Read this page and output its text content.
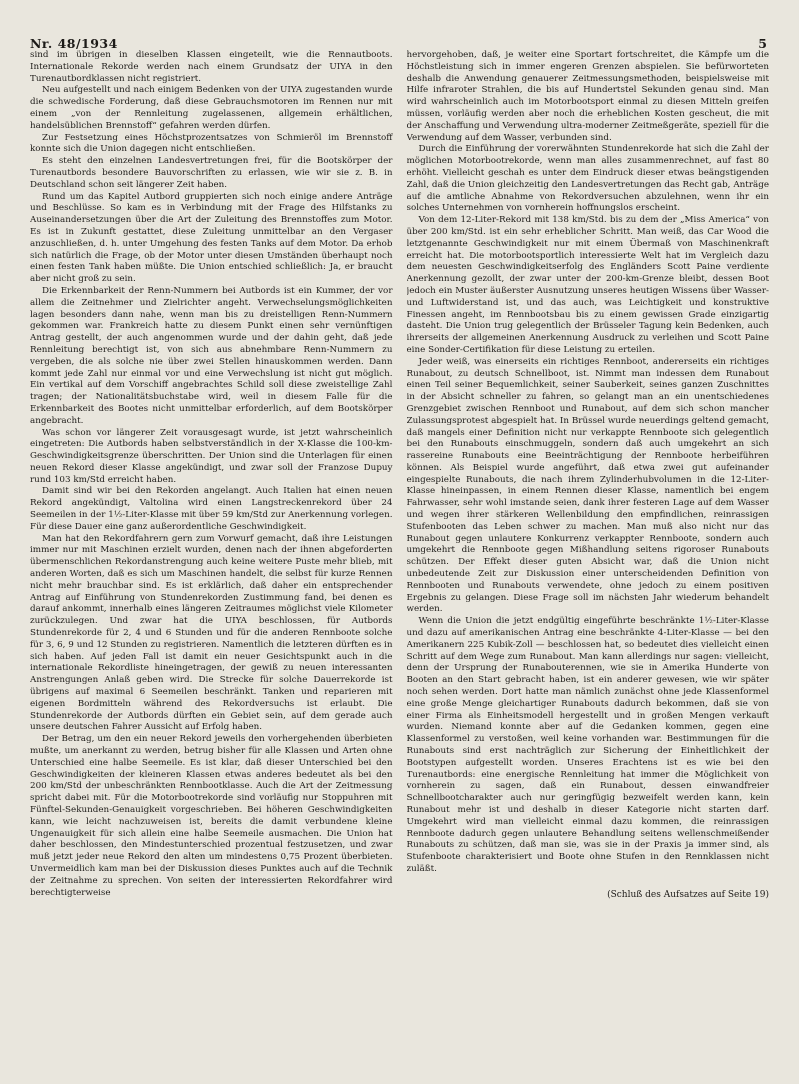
Nr. 48/1934	5

sind im übrigen in dieselben Klassen eingeteilt, wie die Rennautboots. Internationale Rekorde werden nach einem Grundsatz der UIYA in den Turenautbordklassen nicht registriert.

Neu aufgestellt und nach einigem Bedenken von der UIYA zugestanden wurde die schwedische Forderung, daß diese Gebrauchsmotoren im Rennen nur mit einem „von der Rennleitung zugelassenen, allgemein erhältlichen, handelsüblichen Brennstoff“ gefahren werden dürfen.

Zur Festsetzung eines Höchstprozentsatzes von Schmieröl im Brennstoff konnte sich die Union dagegen nicht entschließen.

Es steht den einzelnen Landesvertretungen frei, für die Bootskörper der Turenautbords besondere Bauvorschriften zu erlassen, wie wir sie z. B. in Deutschland schon seit längerer Zeit haben.

Rund um das Kapitel Autbord gruppierten sich noch einige andere Anträge und Beschlüsse. So kam es in Verbindung mit der Frage des Hilfstanks zu Auseinandersetzungen über die Art der Zuleitung des Brennstoffes zum Motor. Es ist in Zukunft gestattet, diese Zuleitung unmittelbar an den Vergaser anzuschließen, d. h. unter Umgehung des festen Tanks auf dem Motor. Da erhob sich natürlich die Frage, ob der Motor unter diesen Umständen überhaupt noch einen festen Tank haben müßte. Die Union entschied schließlich: Ja, er braucht aber nicht groß zu sein.

Die Erkennbarkeit der Renn-Nummern bei Autbords ist ein Kummer, der vor allem die Zeitnehmer und Zielrichter angeht. Verwechselungsmöglichkeiten lagen besonders dann nahe, wenn man bis zu dreistelligen Renn-Nummern gekommen war. Frankreich hatte zu diesem Punkt einen sehr vernünftigen Antrag gestellt, der auch angenommen wurde und der dahin geht, daß jede Rennleitung berechtigt ist, von sich aus abnehmbare Renn-Nummern zu vergeben, die als solche nie über zwei Stellen hinauskommen werden. Dann kommt jede Zahl nur einmal vor und eine Verwechslung ist nicht gut möglich. Ein vertikal auf dem Vorschiff angebrachtes Schild soll diese zweistellige Zahl tragen; der Nationalitätsbuchstabe wird, weil in diesem Falle für die Erkennbarkeit des Bootes nicht unmittelbar erforderlich, auf dem Bootskörper angebracht.

Was schon vor längerer Zeit vorausgesagt wurde, ist jetzt wahrscheinlich eingetreten: Die Autbords haben selbstverständlich in der X-Klasse die 100-km-Geschwindigkeitsgrenze überschritten. Der Union sind die Unterlagen für einen neuen Rekord dieser Klasse angekündigt, und zwar soll der Franzose Dupuy rund 103 km/Std erreicht haben.

Damit sind wir bei den Rekorden angelangt. Auch Italien hat einen neuen Rekord angekündigt, Valtolina wird einen Langstreckenrekord über 24 Seemeilen in der 1½-Liter-Klasse mit über 59 km/Std zur Anerkennung vorlegen. Für diese Dauer eine ganz außerordentliche Geschwindigkeit.

Man hat den Rekordfahrern gern zum Vorwurf gemacht, daß ihre Leistungen immer nur mit Maschinen erzielt wurden, denen nach der ihnen abgeforderten übermenschlichen Rekordanstrengung auch keine weitere Puste mehr blieb, mit anderen Worten, daß es sich um Maschinen handelt, die selbst für kurze Rennen nicht mehr brauchbar sind. Es ist erklärlich, daß daher ein entsprechender Antrag auf Einführung von Stundenrekorden Zustimmung fand, bei denen es darauf ankommt, innerhalb eines längeren Zeitraumes möglichst viele Kilometer zurückzulegen. Und zwar hat die UIYA beschlossen, für Autbords Stundenrekorde für 2, 4 und 6 Stunden und für die anderen Rennboote solche für 3, 6, 9 und 12 Stunden zu registrieren. Namentlich die letzteren dürften es in sich haben. Auf jeden Fall ist damit ein neuer Gesichtspunkt auch in die internationale Rekordliste hineingetragen, der gewiß zu neuen interessanten Anstrengungen Anlaß geben wird. Die Strecke für solche Dauerrekorde ist übrigens auf maximal 6 Seemeilen beschränkt. Tanken und reparieren mit eigenen Bordmitteln während des Rekordversuchs ist erlaubt. Die Stundenrekorde der Autbords dürften ein Gebiet sein, auf dem gerade auch unsere deutschen Fahrer Aussicht auf Erfolg haben.

Der Betrag, um den ein neuer Rekord jeweils den vorhergehenden überbieten mußte, um anerkannt zu werden, betrug bisher für alle Klassen und Arten ohne Unterschied eine halbe Seemeile. Es ist klar, daß dieser Unterschied bei den Geschwindigkeiten der kleineren Klassen etwas anderes bedeutet als bei den 200 km/Std der unbeschränkten Rennbootklasse. Auch die Art der Zeitmessung spricht dabei mit. Für die Motorbootrekorde sind vorläufig nur Stoppuhren mit Fünftel-Sekunden-Genauigkeit vorgeschrieben. Bei höheren Geschwindigkeiten kann, wie leicht nachzuweisen ist, bereits die damit verbundene kleine Ungenauigkeit für sich allein eine halbe Seemeile ausmachen. Die Union hat daher beschlossen, den Mindestunterschied prozentual festzusetzen, und zwar muß jetzt jeder neue Rekord den alten um mindestens 0,75 Prozent überbieten. Unvermeidlich kam man bei der Diskussion dieses Punktes auch auf die Technik der Zeitnahme zu sprechen. Von seiten der interessierten Rekordfahrer wird berechtigterweise

hervorgehoben, daß, je weiter eine Sportart fortschreitet, die Kämpfe um die Höchstleistung sich in immer engeren Grenzen abspielen. Sie befürworteten deshalb die Anwendung genauerer Zeitmessungsmethoden, beispielsweise mit Hilfe infraroter Strahlen, die bis auf Hundertstel Sekunden genau sind. Man wird wahrscheinlich auch im Motorbootsport einmal zu diesen Mitteln greifen müssen, vorläufig werden aber noch die erheblichen Kosten gescheut, die mit der Anschaffung und Verwendung ultra-moderner Zeitmeßgeräte, speziell für die Verwendung auf dem Wasser, verbunden sind.

Durch die Einführung der vorerwähnten Stundenrekorde hat sich die Zahl der möglichen Motorbootrekorde, wenn man alles zusammenrechnet, auf fast 80 erhöht. Vielleicht geschah es unter dem Eindruck dieser etwas beängstigenden Zahl, daß die Union gleichzeitig den Landesvertretungen das Recht gab, Anträge auf die amtliche Abnahme von Rekordversuchen abzulehnen, wenn ihr ein solches Unternehmen von vornherein hoffnungslos erscheint.

Von dem 12-Liter-Rekord mit 138 km/Std. bis zu dem der „Miss America“ von über 200 km/Std. ist ein sehr erheblicher Schritt. Man weiß, das Car Wood die letztgenannte Geschwindigkeit nur mit einem Übermaß von Maschinenkraft erreicht hat. Die motorbootsportlich interessierte Welt hat im Vergleich dazu dem neuesten Geschwindigkeitserfolg des Engländers Scott Paine verdiente Anerkennung gezollt, der zwar unter der 200-km-Grenze bleibt, dessen Boot jedoch ein Muster äußerster Ausnutzung unseres heutigen Wissens über Wasser- und Luftwiderstand ist, und das auch, was Leichtigkeit und konstruktive Finessen angeht, im Rennbootsbau bis zu einem gewissen Grade einzigartig dasteht. Die Union trug gelegentlich der Brüsseler Tagung kein Bedenken, auch ihrerseits der allgemeinen Anerkennung Ausdruck zu verleihen und Scott Paine eine Sonder-Certifikation für diese Leistung zu erteilen.

Jeder weiß, was einerseits ein richtiges Rennboot, andererseits ein richtiges Runabout, zu deutsch Schnellboot, ist. Nimmt man indessen dem Runabout einen Teil seiner Bequemlichkeit, seiner Sauberkeit, seines ganzen Zuschnittes in der Absicht schneller zu fahren, so gelangt man an ein unentschiedenes Grenzgebiet zwischen Rennboot und Runabout, auf dem sich schon mancher Zulassungsprotest abgespielt hat. In Brüssel wurde neuerdings geltend gemacht, daß mangels einer Definition nicht nur verkappte Rennboote sich gelegentlich bei den Runabouts einschmuggeln, sondern daß auch umgekehrt an sich rassereine Runabouts eine Beeinträchtigung der Rennboote herbeiführen können. Als Beispiel wurde angeführt, daß etwa zwei gut aufeinander eingespielte Runabouts, die nach ihrem Zylinderhubvolumen in die 12-Liter-Klasse hineinpassen, in einem Rennen dieser Klasse, namentlich bei engem Fahrwasser, sehr wohl imstande seien, dank ihrer festeren Lage auf dem Wasser und wegen ihrer stärkeren Wellenbildung den empfindlichen, reinrassigen Stufenbooten das Leben schwer zu machen. Man muß also nicht nur das Runabout gegen unlautere Konkurrenz verkappter Rennboote, sondern auch umgekehrt die Rennboote gegen Mißhandlung seitens rigoroser Runabouts schützen. Der Effekt dieser guten Absicht war, daß die Union nicht unbedeutende Zeit zur Diskussion einer unterscheidenden Definition von Rennbooten und Runabouts verwendete, ohne jedoch zu einem positiven Ergebnis zu gelangen. Diese Frage soll im nächsten Jahr wiederum behandelt werden.

Wenn die Union die jetzt endgültig eingeführte beschränkte 1½-Liter-Klasse und dazu auf amerikanischen Antrag eine beschränkte 4-Liter-Klasse — bei den Amerikanern 225 Kubik-Zoll — beschlossen hat, so bedeutet dies vielleicht einen Schritt auf dem Wege zum Runabout. Man kann allerdings nur sagen: vielleicht, denn der Ursprung der Runabouterennen, wie sie in Amerika Hunderte von Booten an den Start gebracht haben, ist ein anderer gewesen, wie wir später noch sehen werden. Dort hatte man nämlich zunächst ohne jede Klassenformel eine große Menge gleichartiger Runabouts dadurch bekommen, daß sie von einer Firma als Einheitsmodell hergestellt und in großen Mengen verkauft wurden. Niemand konnte aber auf die Gedanken kommen, gegen eine Klassenformel zu verstoßen, weil keine vorhanden war. Bestimmungen für die Runabouts sind erst nachträglich zur Sicherung der Einheitlichkeit der Bootstypen aufgestellt worden. Unseres Erachtens ist es wie bei den Turenautbords: eine energische Rennleitung hat immer die Möglichkeit von vornherein zu sagen, daß ein Runabout, dessen einwandfreier Schnellbootcharakter auch nur geringfügig bezweifelt werden kann, kein Runabout mehr ist und deshalb in dieser Kategorie nicht starten darf. Umgekehrt wird man vielleicht einmal dazu kommen, die reinrassigen Rennboote dadurch gegen unlautere Behandlung seitens wellenschmeißender Runabouts zu schützen, daß man sie, was sie in der Praxis ja immer sind, als Stufenboote charakterisiert und Boote ohne Stufen in den Rennklassen nicht zuläßt.

(Schluß des Aufsatzes auf Seite 19)
